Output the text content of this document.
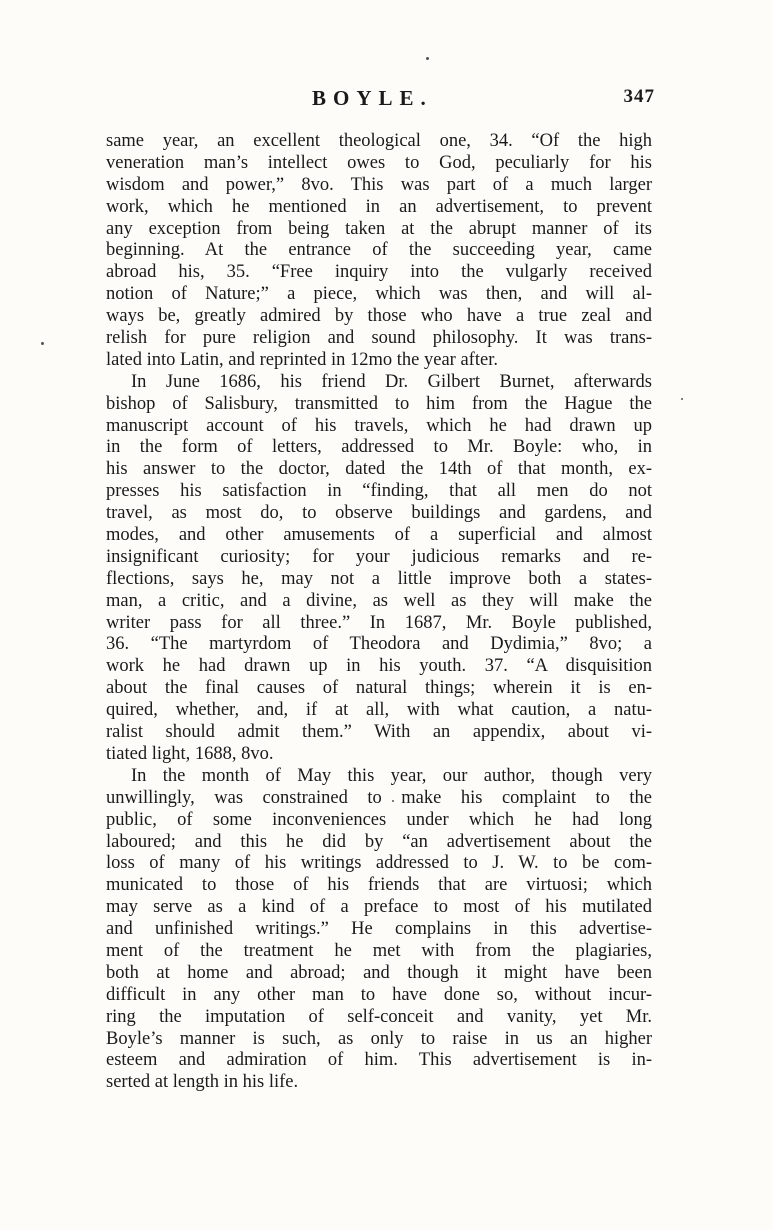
BOYLE.	347
same year, an excellent theological one, 34. “Of the high
veneration man’s intellect owes to God, peculiarly for his
wisdom and power,” 8vo. This was part of a much larger
work, which he mentioned in an advertisement, to prevent
any exception from being taken at the abrupt manner of its
beginning. At the entrance of the succeeding year, came
abroad his, 35. “Free inquiry into the vulgarly received
notion of Nature;” a piece, which was then, and will al-
ways be, greatly admired by those who have a true zeal and
relish for pure religion and sound philosophy. It was trans-
lated into Latin, and reprinted in 12mo the year after.
In June 1686, his friend Dr. Gilbert Burnet, afterwards
bishop of Salisbury, transmitted to him from the Hague the
manuscript account of his travels, which he had drawn up
in the form of letters, addressed to Mr. Boyle: who, in
his answer to the doctor, dated the 14th of that month, ex-
presses his satisfaction in “finding, that all men do not
travel, as most do, to observe buildings and gardens, and
modes, and other amusements of a superficial and almost
insignificant curiosity; for your judicious remarks and re-
flections, says he, may not a little improve both a states-
man, a critic, and a divine, as well as they will make the
writer pass for all three.” In 1687, Mr. Boyle published,
36. “The martyrdom of Theodora and Dydimia,” 8vo; a
work he had drawn up in his youth. 37. “A disquisition
about the final causes of natural things; wherein it is en-
quired, whether, and, if at all, with what caution, a natu-
ralist should admit them.” With an appendix, about vi-
tiated light, 1688, 8vo.
In the month of May this year, our author, though very
unwillingly, was constrained to make his complaint to the
public, of some inconveniences under which he had long
laboured; and this he did by “an advertisement about the
loss of many of his writings addressed to J. W. to be com-
municated to those of his friends that are virtuosi; which
may serve as a kind of a preface to most of his mutilated
and unfinished writings.” He complains in this advertise-
ment of the treatment he met with from the plagiaries,
both at home and abroad; and though it might have been
difficult in any other man to have done so, without incur-
ring the imputation of self-conceit and vanity, yet Mr.
Boyle’s manner is such, as only to raise in us an higher
esteem and admiration of him. This advertisement is in-
serted at length in his life.
